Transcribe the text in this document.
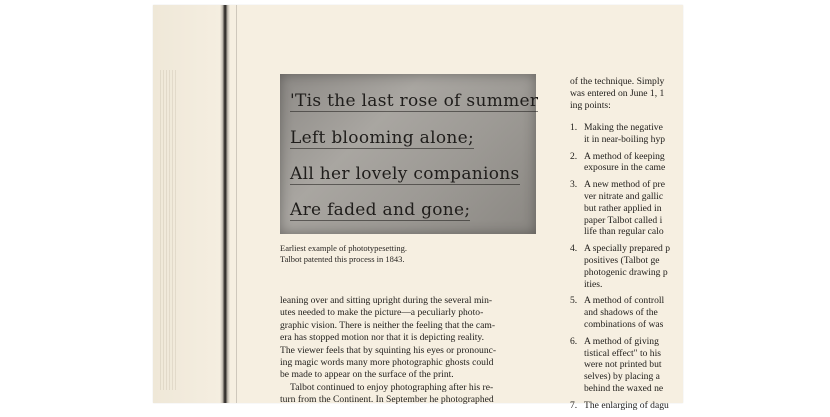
'Tis the last rose of summer
Left blooming alone;
All her lovely companions
Are faded and gone;
Earliest example of phototypesetting.
Talbot patented this process in 1843.
leaning over and sitting upright during the several min-
utes needed to make the picture—a peculiarly photo-
graphic vision. There is neither the feeling that the cam-
era has stopped motion nor that it is depicting reality.
The viewer feels that by squinting his eyes or pronounc-
ing magic words many more photographic ghosts could
be made to appear on the surface of the print.
Talbot continued to enjoy photographing after his re-
turn from the Continent. In September he photographed
of the technique. Simply
was entered on June 1, 1
ing points:
1. Making the negative
it in near-boiling hyp
2. A method of keeping
exposure in the came
3. A new method of pre
ver nitrate and gallic
but rather applied in
paper Talbot called i
life than regular calo
4. A specially prepared p
positives (Talbot ge
photogenic drawing p
ities.
5. A method of controll
and shadows of the
combinations of was
6. A method of giving
tistical effect" to his
were not printed but
selves) by placing a
behind the waxed ne
7. The enlarging of dagu
